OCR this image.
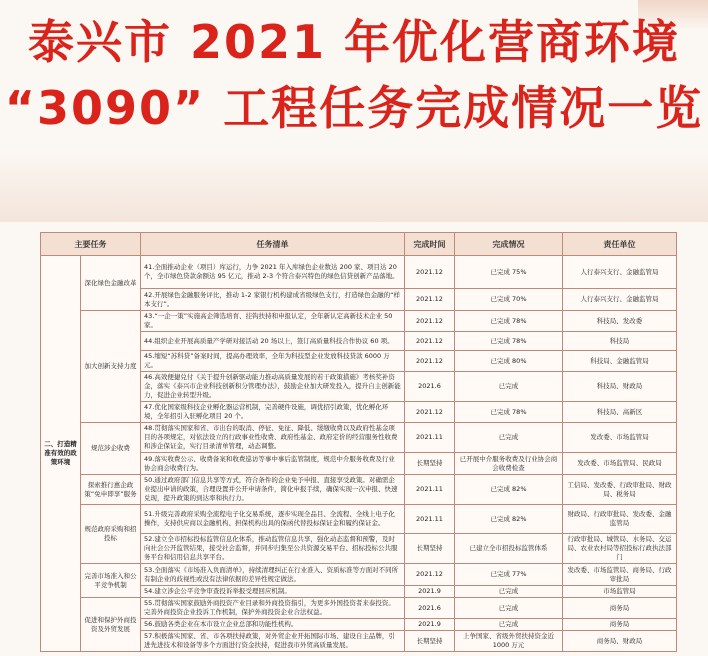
泰兴市 2021 年优化营商环境
“3090” 工程任务完成情况一览
主要任务		任务清单	完成时间	完成情况	责任单位
二、打造精准有效的政策环境	深化绿色金融改革	41.全面推动企业（项目）库运行，力争 2021 年入库绿色企业数达 200 家、项目达 20 个，全市绿色贷款余额达 95 亿元，推动 2-3 个符合泰兴特色的绿色信贷创新产品落地。	2021.12	已完成 75%	人行泰兴支行、金融监管局
		42.开展绿色金融服务评比，推动 1-2 家银行机构建成省级绿色支行，打造绿色金融的“样本支行”。	2021.12	已完成 70%	人行泰兴支行、金融监管局
	加大创新支持力度	43.“一企一策”实施高企筛选培育、挂钩扶持和申报认定，全年新认定高新技术企业 50 家。	2021.12	已完成 78%	科技局、发改委
		44.组织企业开展高质量产学研对接活动 20 场以上，签订高质量科技合作协议 60 项。	2021.12	已完成 78%	科技局
		45.缩短“苏科贷”备案时间，提高办理效率，全年为科技型企业发放科技贷款 6000 万元。	2021.12	已完成 80%	科技局、金融监管局
		46.高效便捷兑付《关于提升创新驱动能力推动高质量发展的若干政策措施》考核奖补资金，落实《泰兴市企业科技创新积分管理办法》，鼓励企业加大研发投入，提升自主创新能力，促进企业转型升级。	2021.6	已完成	科技局、财政局
		47.优化国家级科技企业孵化器运营机制，完善硬件设施，调优招引政策，优化孵化环境，全年招引入驻孵化项目 20 个。	2021.12	已完成 78%	科技局、高新区
	规范涉企收费	48.贯彻落实国家和省、市出台的取消、停征、免征、降低、缓缴收费以及政府性基金项目的各项规定，对依法设立的行政事业性收费、政府性基金、政府定价的经营服务性收费和涉企保证金，实行目录清单管理，动态调整。	2021.11	已完成	发改委、市场监管局
		49.落实收费公示、收费备案和收费巡访等事中事后监管制度，规范中介服务收费及行业协会商会收费行为。	长期坚持	已开展中介服务收费及行业协会商会收费检查	发改委、市场监管局、民政局
	探索推行惠企政策“免申即享”服务	50.通过政府部门信息共享等方式，符合条件的企业免予申报、直接享受政策。对确需企业提出申请的政策，合理设置并公开申请条件，简化申报手续，确保实现一次申报、快速兑现，提升政策的到达率和执行力。	2021.11	已完成 82%	工信局、发改委、行政审批局、财政局、税务局
	规范政府采购和招投标	51.升级完善政府采购全流程电子化交易系统，逐步实现全品目、全流程、全线上电子化操作，支持供应商以金融机构、担保机构出具的保函代替投标保证金和履约保证金。	2021.11	已完成 82%	财政局、行政审批局、发改委、金融监管局
		52.建立全市招标投标监管信息化体系，推动监管信息共享，强化动态监督和预警，及时向社会公开监管结果，接受社会监督，并同步归集至公共资源交易平台、招标投标公共服务平台和信用信息共享平台。	长期坚持	已建立全市招投标监管体系	行政审批局、城管局、水务局、交运局、农业农村局等招投标行政执法部门
	完善市场准入和公平竞争机制	53.全面落实《市场准入负面清单》，持续清理纠正在行业准入、资质标准等方面对不同所有制企业的歧视性或没有法律依据的差异性规定做法。	2021.12	已完成 77%	发改委、市场监管局、商务局、行政审批局
		54.建立涉企公平竞争审查投诉举报受理回应机制。	2021.9	已完成	市场监管局
	促进和保护外商投资及外贸发展	55.贯彻落实国家鼓励外商投资产业目录和外商投资指引，为更多外国投资者来泰投资。完善外商投资企业投诉工作机制，保护外商投资企业合法权益。	2021.6	已完成	商务局
		56.鼓励各类企业在本市设立企业总部和功能性机构。	2021.9	已完成	商务局
		57.积极落实国家、省、市各项扶持政策，对外贸企业开拓国际市场、建设自主品牌，引进先进技术和设备等多个方面进行资金扶持，促进我市外贸高质量发展。	长期坚持	上争国家、省级外贸扶持资金近 1000 万元	商务局、财政局
